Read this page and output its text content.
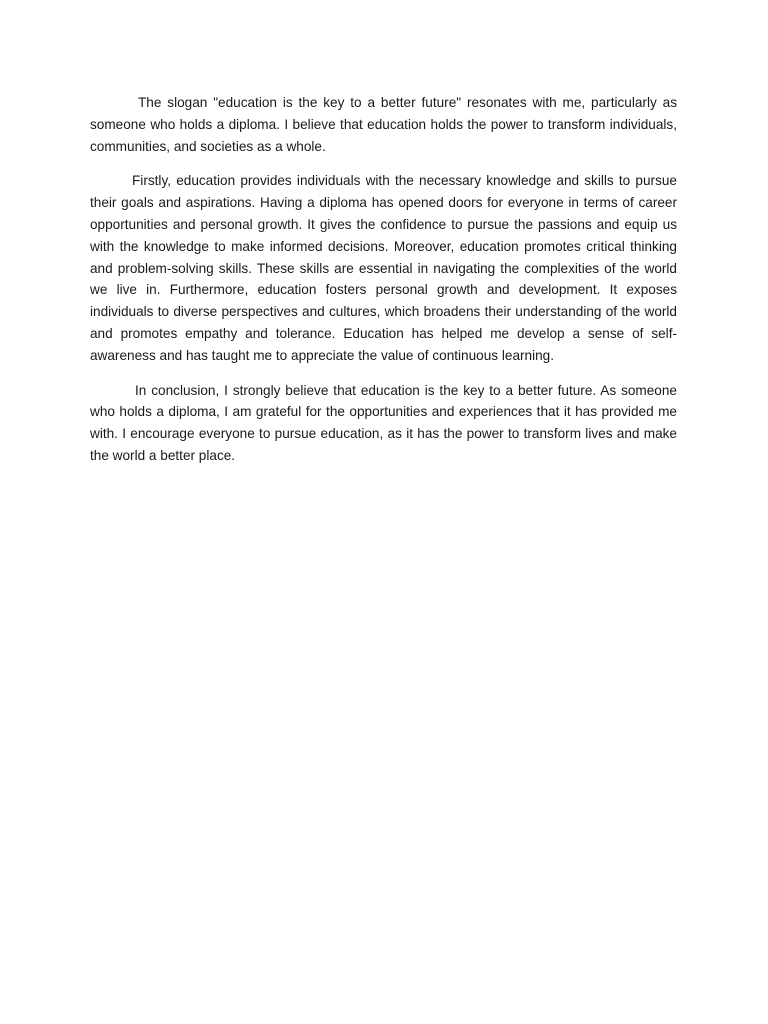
The slogan "education is the key to a better future" resonates with me, particularly as someone who holds a diploma. I believe that education holds the power to transform individuals, communities, and societies as a whole.

Firstly, education provides individuals with the necessary knowledge and skills to pursue their goals and aspirations. Having a diploma has opened doors for everyone in terms of career opportunities and personal growth. It gives the confidence to pursue the passions and equip us with the knowledge to make informed decisions. Moreover, education promotes critical thinking and problem-solving skills. These skills are essential in navigating the complexities of the world we live in. Furthermore, education fosters personal growth and development. It exposes individuals to diverse perspectives and cultures, which broadens their understanding of the world and promotes empathy and tolerance. Education has helped me develop a sense of self-awareness and has taught me to appreciate the value of continuous learning.

In conclusion, I strongly believe that education is the key to a better future. As someone who holds a diploma, I am grateful for the opportunities and experiences that it has provided me with. I encourage everyone to pursue education, as it has the power to transform lives and make the world a better place.
